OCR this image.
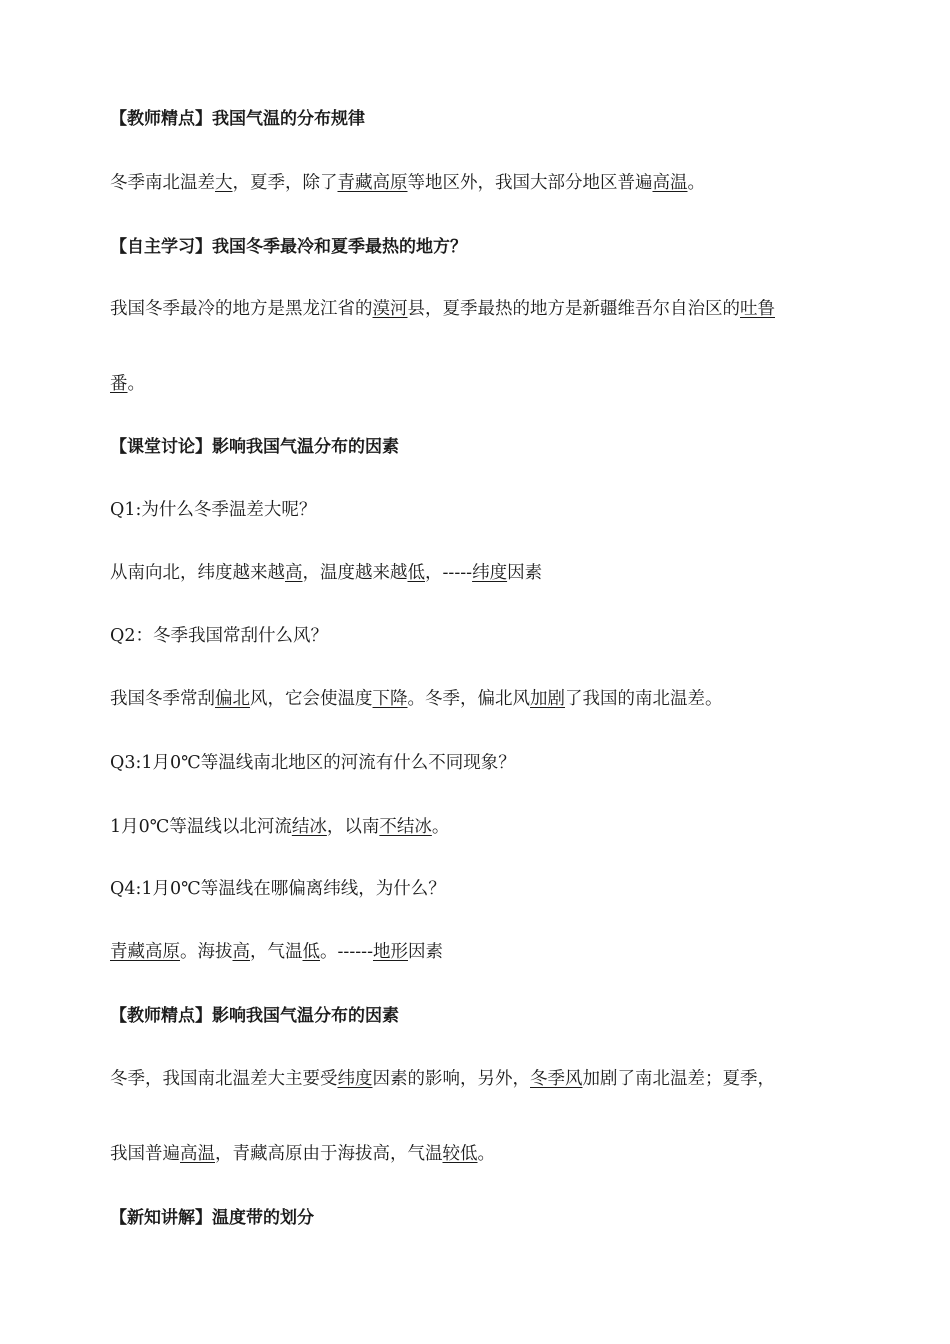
【教师精点】我国气温的分布规律
冬季南北温差大，夏季，除了青藏高原等地区外，我国大部分地区普遍高温。
【自主学习】我国冬季最冷和夏季最热的地方？
我国冬季最冷的地方是黑龙江省的漠河县，夏季最热的地方是新疆维吾尔自治区的吐鲁
番。
【课堂讨论】影响我国气温分布的因素
Q1:为什么冬季温差大呢？
从南向北，纬度越来越高，温度越来越低，-----纬度因素
Q2：冬季我国常刮什么风？
我国冬季常刮偏北风，它会使温度下降。冬季，偏北风加剧了我国的南北温差。
Q3:1月0℃等温线南北地区的河流有什么不同现象？
1月0℃等温线以北河流结冰，以南不结冰。
Q4:1月0℃等温线在哪偏离纬线，为什么？
青藏高原。海拔高，气温低。------地形因素
【教师精点】影响我国气温分布的因素
冬季，我国南北温差大主要受纬度因素的影响，另外，冬季风加剧了南北温差；夏季，
我国普遍高温，青藏高原由于海拔高，气温较低。
【新知讲解】温度带的划分
